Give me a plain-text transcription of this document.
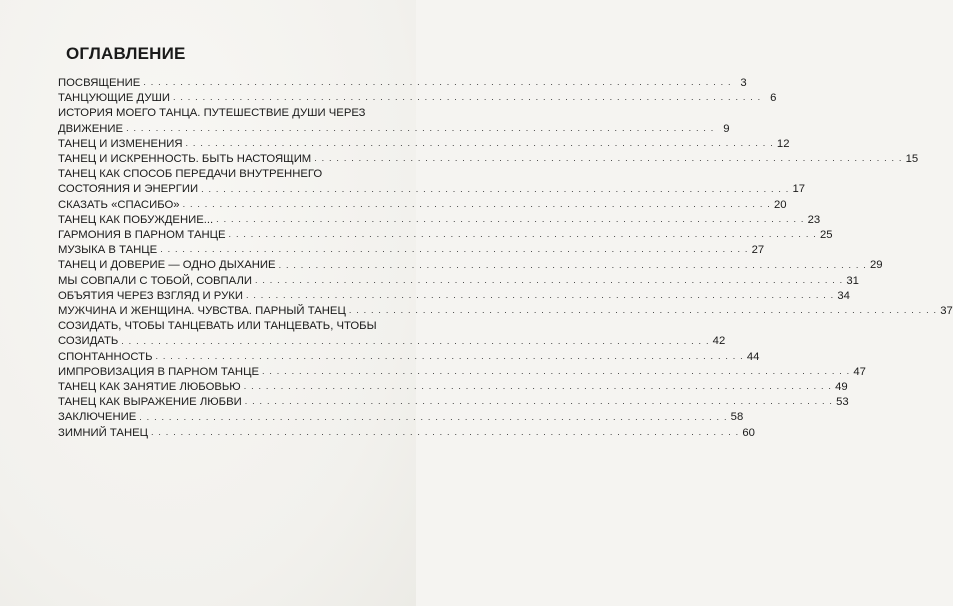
ОГЛАВЛЕНИЕ
ПОСВЯЩЕНИЕ . . . . . . . . . . . . . . . . . . . . . . . . . . . . . . . . . . . . . . . . . . . . . . . . . . . . . . . . . . . . . . . . . . . . . . . . . . . . . . . . 3
ТАНЦУЮЩИЕ ДУШИ . . . . . . . . . . . . . . . . . . . . . . . . . . . . . . . . . . . . . . . . . . . . . . . . . . . . . . . . . . . . . . . . . . . . . . . . . . . . . . . . 6
ИСТОРИЯ МОЕГО ТАНЦА. ПУТЕШЕСТВИЕ ДУШИ ЧЕРЕЗ
ДВИЖЕНИЕ . . . . . . . . . . . . . . . . . . . . . . . . . . . . . . . . . . . . . . . . . . . . . . . . . . . . . . . . . . . . . . . . . . . . . . . . . . . . . . . . 9
ТАНЕЦ И ИЗМЕНЕНИЯ . . . . . . . . . . . . . . . . . . . . . . . . . . . . . . . . . . . . . . . . . . . . . . . . . . . . . . . . . . . . . . . . . . . . . . . . . . . . . . . . 12
ТАНЕЦ И ИСКРЕННОСТЬ. БЫТЬ НАСТОЯЩИМ . . . . . . . . . . . . . . . . . . . . . . . . . . . . . . . . . . . . . . . . . . . . . . . . . . . . . . . . . . . . . . . . . . . . . . . . . . . . . . . . 15
ТАНЕЦ КАК СПОСОБ ПЕРЕДАЧИ ВНУТРЕННЕГО
СОСТОЯНИЯ И ЭНЕРГИИ . . . . . . . . . . . . . . . . . . . . . . . . . . . . . . . . . . . . . . . . . . . . . . . . . . . . . . . . . . . . . . . . . . . . . . . . . . . . . . . . 17
СКАЗАТЬ «СПАСИБО» . . . . . . . . . . . . . . . . . . . . . . . . . . . . . . . . . . . . . . . . . . . . . . . . . . . . . . . . . . . . . . . . . . . . . . . . . . . . . . . . 20
ТАНЕЦ КАК ПОБУЖДЕНИЕ... . . . . . . . . . . . . . . . . . . . . . . . . . . . . . . . . . . . . . . . . . . . . . . . . . . . . . . . . . . . . . . . . . . . . . . . . . . . . . . . . 23
ГАРМОНИЯ В ПАРНОМ ТАНЦЕ . . . . . . . . . . . . . . . . . . . . . . . . . . . . . . . . . . . . . . . . . . . . . . . . . . . . . . . . . . . . . . . . . . . . . . . . . . . . . . . . 25
МУЗЫКА В ТАНЦЕ . . . . . . . . . . . . . . . . . . . . . . . . . . . . . . . . . . . . . . . . . . . . . . . . . . . . . . . . . . . . . . . . . . . . . . . . . . . . . . . . 27
ТАНЕЦ И ДОВЕРИЕ — ОДНО ДЫХАНИЕ . . . . . . . . . . . . . . . . . . . . . . . . . . . . . . . . . . . . . . . . . . . . . . . . . . . . . . . . . . . . . . . . . . . . . . . . . . . . . . . . 29
МЫ СОВПАЛИ С ТОБОЙ, СОВПАЛИ . . . . . . . . . . . . . . . . . . . . . . . . . . . . . . . . . . . . . . . . . . . . . . . . . . . . . . . . . . . . . . . . . . . . . . . . . . . . . . . . 31
ОБЪЯТИЯ ЧЕРЕЗ ВЗГЛЯД И РУКИ . . . . . . . . . . . . . . . . . . . . . . . . . . . . . . . . . . . . . . . . . . . . . . . . . . . . . . . . . . . . . . . . . . . . . . . . . . . . . . . . 34
МУЖЧИНА И ЖЕНЩИНА. ЧУВСТВА. ПАРНЫЙ ТАНЕЦ . . . . . . . . . . . . . . . . . . . . . . . . . . . . . . . . . . . . . . . . . . . . . . . . . . . . . . . . . . . . . . . . . . . . . . . . . . . . . . . . 37
СОЗИДАТЬ, ЧТОБЫ ТАНЦЕВАТЬ ИЛИ ТАНЦЕВАТЬ, ЧТОБЫ
СОЗИДАТЬ . . . . . . . . . . . . . . . . . . . . . . . . . . . . . . . . . . . . . . . . . . . . . . . . . . . . . . . . . . . . . . . . . . . . . . . . . . . . . . . . 42
СПОНТАННОСТЬ . . . . . . . . . . . . . . . . . . . . . . . . . . . . . . . . . . . . . . . . . . . . . . . . . . . . . . . . . . . . . . . . . . . . . . . . . . . . . . . . 44
ИМПРОВИЗАЦИЯ В ПАРНОМ ТАНЦЕ . . . . . . . . . . . . . . . . . . . . . . . . . . . . . . . . . . . . . . . . . . . . . . . . . . . . . . . . . . . . . . . . . . . . . . . . . . . . . . . . 47
ТАНЕЦ КАК ЗАНЯТИЕ ЛЮБОВЬЮ . . . . . . . . . . . . . . . . . . . . . . . . . . . . . . . . . . . . . . . . . . . . . . . . . . . . . . . . . . . . . . . . . . . . . . . . . . . . . . . . 49
ТАНЕЦ КАК ВЫРАЖЕНИЕ ЛЮБВИ . . . . . . . . . . . . . . . . . . . . . . . . . . . . . . . . . . . . . . . . . . . . . . . . . . . . . . . . . . . . . . . . . . . . . . . . . . . . . . . . 53
ЗАКЛЮЧЕНИЕ . . . . . . . . . . . . . . . . . . . . . . . . . . . . . . . . . . . . . . . . . . . . . . . . . . . . . . . . . . . . . . . . . . . . . . . . . . . . . . . . 58
ЗИМНИЙ ТАНЕЦ . . . . . . . . . . . . . . . . . . . . . . . . . . . . . . . . . . . . . . . . . . . . . . . . . . . . . . . . . . . . . . . . . . . . . . . . . . . . . . . . 60
